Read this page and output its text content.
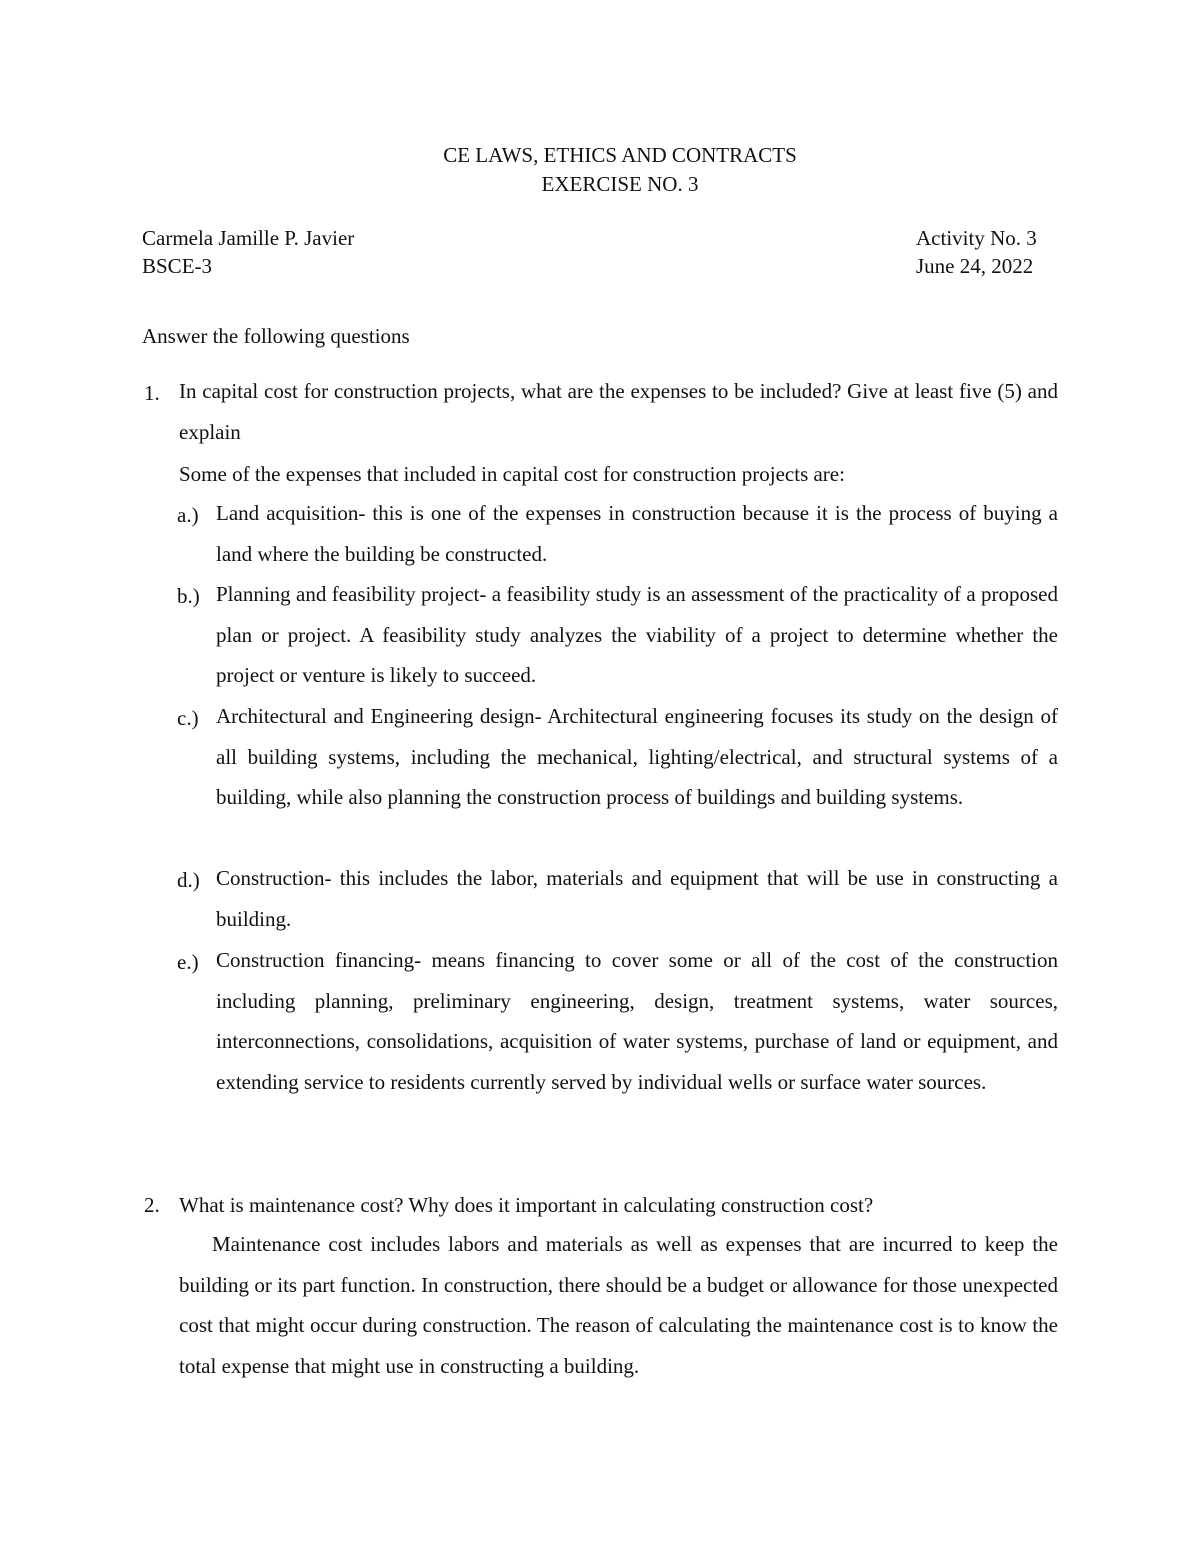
CE LAWS, ETHICS AND CONTRACTS
EXERCISE NO. 3
Carmela Jamille P. Javier
BSCE-3
Activity No. 3
June 24, 2022
Answer the following questions
1. In capital cost for construction projects, what are the expenses to be included? Give at least five (5) and explain
Some of the expenses that included in capital cost for construction projects are:
a.) Land acquisition- this is one of the expenses in construction because it is the process of buying a land where the building be constructed.
b.) Planning and feasibility project- a feasibility study is an assessment of the practicality of a proposed plan or project. A feasibility study analyzes the viability of a project to determine whether the project or venture is likely to succeed.
c.) Architectural and Engineering design- Architectural engineering focuses its study on the design of all building systems, including the mechanical, lighting/electrical, and structural systems of a building, while also planning the construction process of buildings and building systems.
d.) Construction- this includes the labor, materials and equipment that will be use in constructing a building.
e.) Construction financing- means financing to cover some or all of the cost of the construction including planning, preliminary engineering, design, treatment systems, water sources, interconnections, consolidations, acquisition of water systems, purchase of land or equipment, and extending service to residents currently served by individual wells or surface water sources.
2. What is maintenance cost? Why does it important in calculating construction cost?
Maintenance cost includes labors and materials as well as expenses that are incurred to keep the building or its part function. In construction, there should be a budget or allowance for those unexpected cost that might occur during construction. The reason of calculating the maintenance cost is to know the total expense that might use in constructing a building.
